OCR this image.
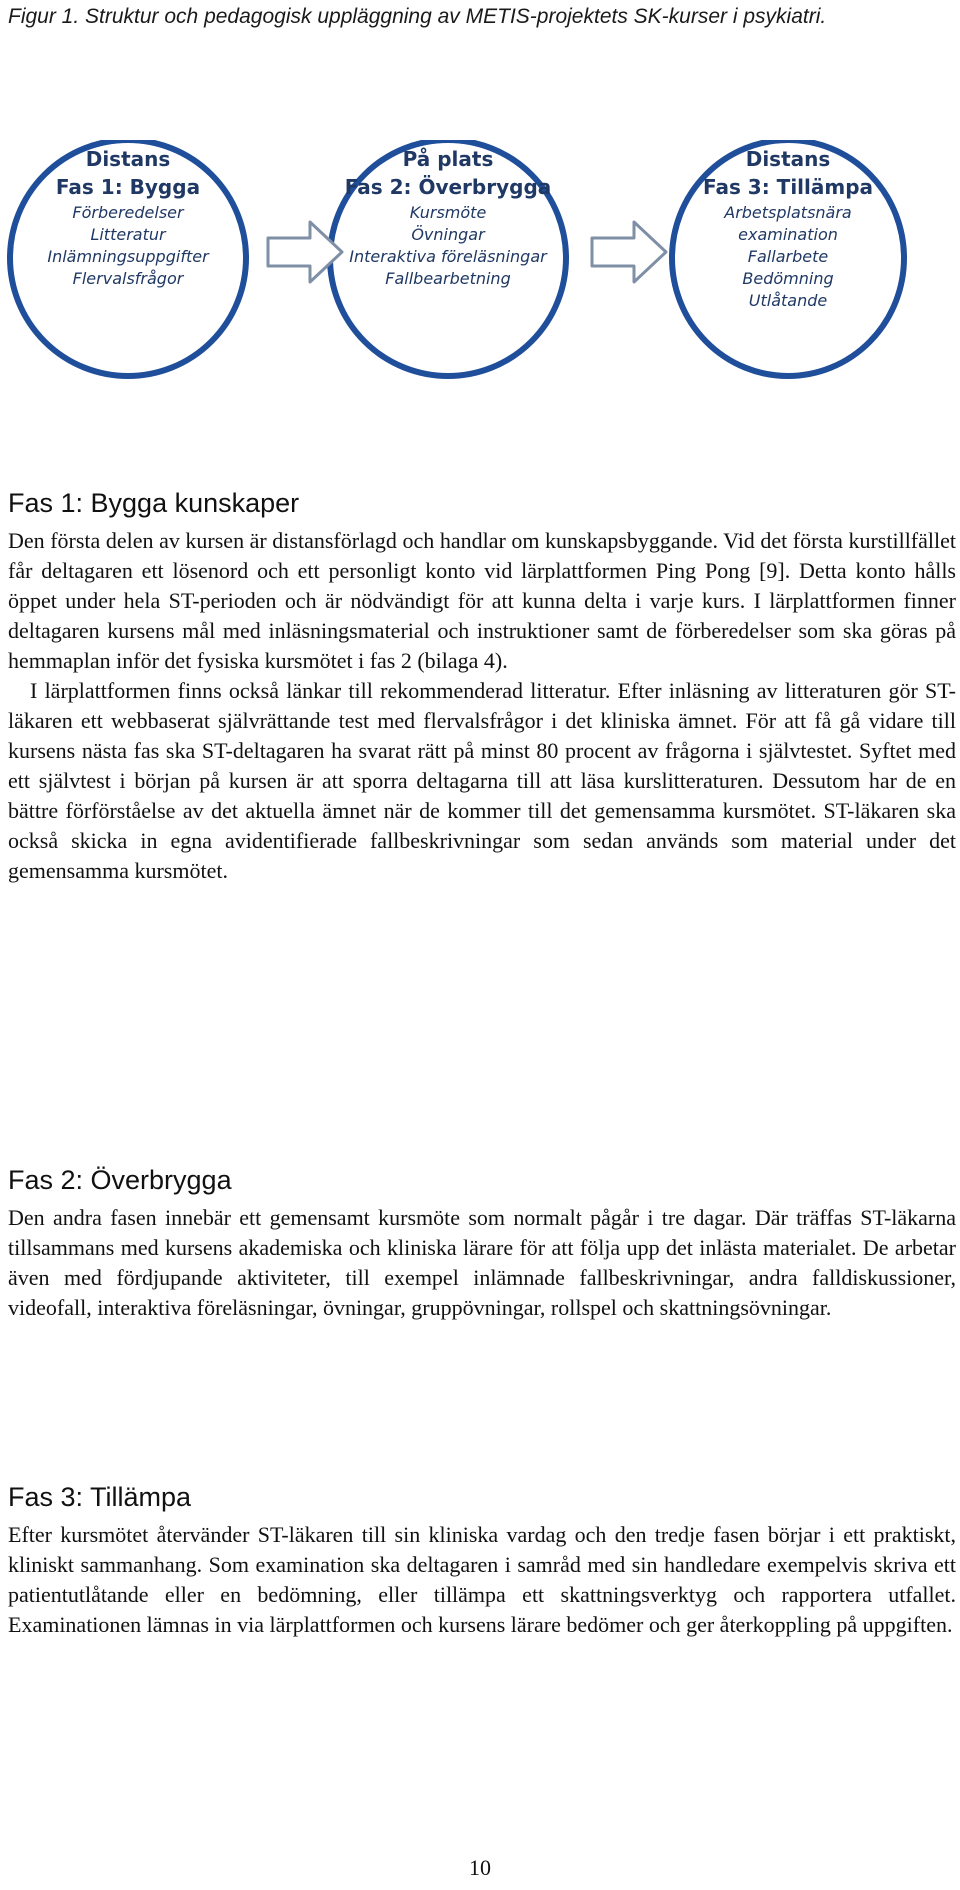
Figur 1. Struktur och pedagogisk uppläggning av METIS-projektets SK-kurser i psykiatri.
Distans
Fas 1: Bygga
Förberedelser
Litteratur
Inlämningsuppgifter
Flervalsfrågor
På plats
Fas 2: Överbrygga
Kursmöte
Övningar
Interaktiva föreläsningar
Fallbearbetning
Distans
Fas 3: Tillämpa
Arbetsplatsnära
examination
Fallarbete
Bedömning
Utlåtande
Fas 1: Bygga kunskaper

Den första delen av kursen är distansförlagd och handlar om kunskapsbyggande. Vid det första kurstillfället får deltagaren ett lösenord och ett personligt konto vid lärplattformen Ping Pong [9]. Detta konto hålls öppet under hela ST-perioden och är nödvändigt för att kunna delta i varje kurs. I lärplattformen finner deltagaren kursens mål med inläsningsmaterial och instruktioner samt de förberedelser som ska göras på hemmaplan inför det fysiska kursmötet i fas 2 (bilaga 4).

I lärplattformen finns också länkar till rekommenderad litteratur. Efter inläsning av litteraturen gör ST-läkaren ett webbaserat självrättande test med flervalsfrågor i det kliniska ämnet. För att få gå vidare till kursens nästa fas ska ST-deltagaren ha svarat rätt på minst 80 procent av frågorna i självtestet. Syftet med ett självtest i början på kursen är att sporra deltagarna till att läsa kurslitteraturen. Dessutom har de en bättre förförståelse av det aktuella ämnet när de kommer till det gemensamma kursmötet. ST-läkaren ska också skicka in egna avidentifierade fallbeskrivningar som sedan används som material under det gemensamma kursmötet.

Fas 2: Överbrygga

Den andra fasen innebär ett gemensamt kursmöte som normalt pågår i tre dagar. Där träffas ST-läkarna tillsammans med kursens akademiska och kliniska lärare för att följa upp det inlästa materialet. De arbetar även med fördjupande aktiviteter, till exempel inlämnade fallbeskrivningar, andra falldiskussioner, videofall, interaktiva föreläsningar, övningar, gruppövningar, rollspel och skattningsövningar.

Fas 3: Tillämpa

Efter kursmötet återvänder ST-läkaren till sin kliniska vardag och den tredje fasen börjar i ett praktiskt, kliniskt sammanhang. Som examination ska deltagaren i samråd med sin handledare exempelvis skriva ett patientutlåtande eller en bedömning, eller tillämpa ett skattningsverktyg och rapportera utfallet. Examinationen lämnas in via lärplattformen och kursens lärare bedömer och ger återkoppling på uppgiften.

10
